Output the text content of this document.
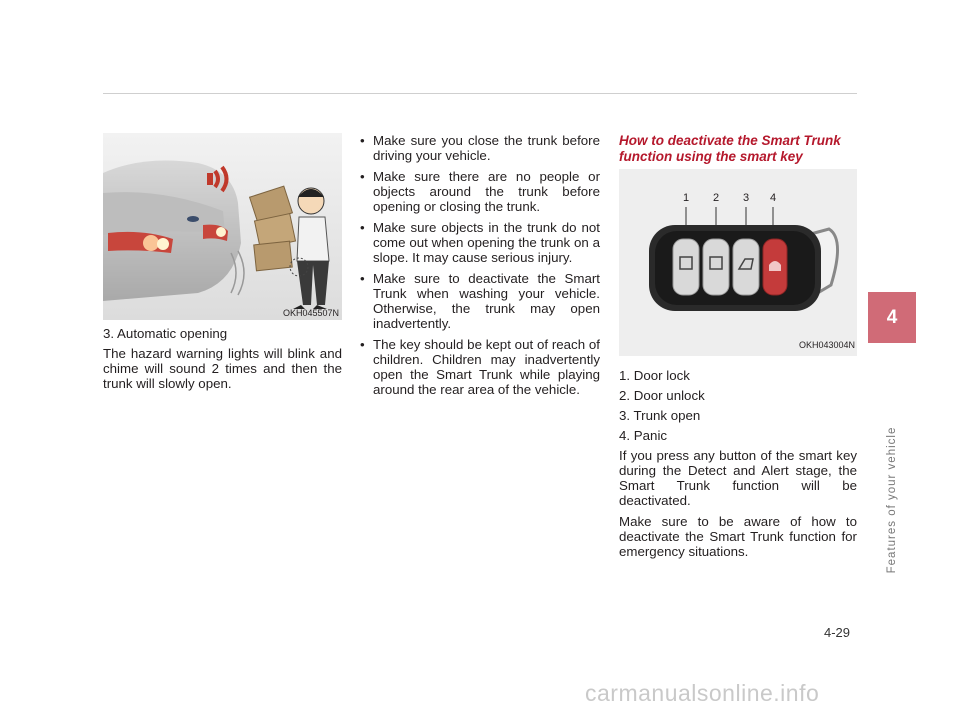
OKH045507N

3. Automatic opening

The hazard warning lights will blink and chime will sound 2 times and then the trunk will slowly open.

• Make sure you close the trunk before driving your vehicle.
• Make sure there are no people or objects around the trunk before opening or closing the trunk.
• Make sure objects in the trunk do not come out when opening the trunk on a slope. It may cause serious injury.
• Make sure to deactivate the Smart Trunk when washing your vehicle. Otherwise, the trunk may open inadvertently.
• The key should be kept out of reach of children. Children may inadvertently open the Smart Trunk while playing around the rear area of the vehicle.

How to deactivate the Smart Trunk function using the smart key

1 2 3 4
OKH043004N
1. Door lock
2. Door unlock
3. Trunk open
4. Panic

If you press any button of the smart key during the Detect and Alert stage, the Smart Trunk function will be deactivated.

Make sure to be aware of how to deactivate the Smart Trunk function for emergency situations.

4
Features of your vehicle
4-29
carmanualsonline.info
